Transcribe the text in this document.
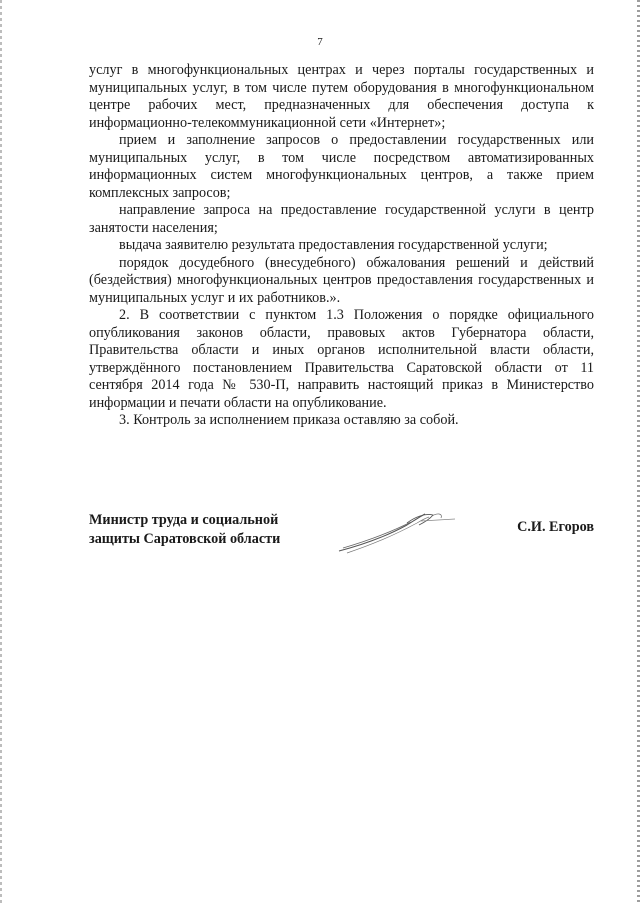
7

услуг в многофункциональных центрах и через порталы государственных и муниципальных услуг, в том числе путем оборудования в многофункциональном центре рабочих мест, предназначенных для обеспечения доступа к информационно-телекоммуникационной сети «Интернет»;

прием и заполнение запросов о предоставлении государственных или муниципальных услуг, в том числе посредством автоматизированных информационных систем многофункциональных центров, а также прием комплексных запросов;

направление запроса на предоставление государственной услуги в центр занятости населения;

выдача заявителю результата предоставления государственной услуги;

порядок досудебного (внесудебного) обжалования решений и действий (бездействия) многофункциональных центров предоставления государственных и муниципальных услуг и их работников.».

2. В соответствии с пунктом 1.3 Положения о порядке официального опубликования законов области, правовых актов Губернатора области, Правительства области и иных органов исполнительной власти области, утверждённого постановлением Правительства Саратовской области от 11 сентября 2014 года № 530-П, направить настоящий приказ в Министерство информации и печати области на опубликование.

3. Контроль за исполнением приказа оставляю за собой.

Министр труда и социальной
защиты Саратовской области
С.И. Егоров
